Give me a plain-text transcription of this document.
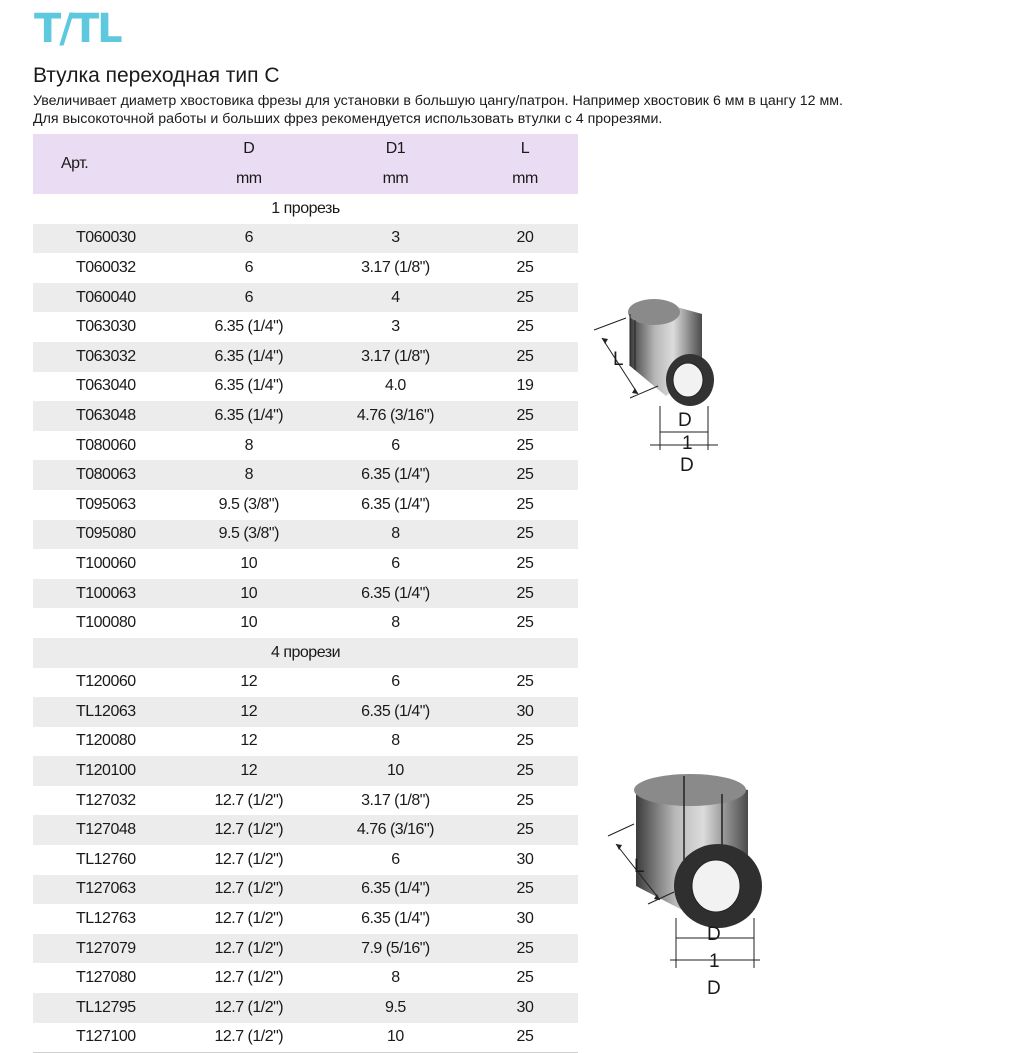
T/TL
Втулка переходная тип С
Увеличивает диаметр хвостовика фрезы для установки в большую цангу/патрон. Например хвостовик 6 мм в цангу 12 мм.
Для высокоточной работы и больших фрез рекомендуется использовать втулки с 4 прорезями.
Арт.	D	D1	L
	mm	mm	mm
1 прорезь			
T060030	6	3	20
T060032	6	3.17 (1/8")	25
T060040	6	4	25
T063030	6.35 (1/4")	3	25
T063032	6.35 (1/4")	3.17 (1/8")	25
T063040	6.35 (1/4")	4.0	19
T063048	6.35 (1/4")	4.76 (3/16")	25
T080060	8	6	25
T080063	8	6.35 (1/4")	25
T095063	9.5 (3/8")	6.35 (1/4")	25
T095080	9.5 (3/8")	8	25
T100060	10	6	25
T100063	10	6.35 (1/4")	25
T100080	10	8	25
4 прорези			
T120060	12	6	25
TL12063	12	6.35 (1/4")	30
T120080	12	8	25
T120100	12	10	25
T127032	12.7 (1/2")	3.17 (1/8")	25
T127048	12.7 (1/2")	4.76 (3/16")	25
TL12760	12.7 (1/2")	6	30
T127063	12.7 (1/2")	6.35 (1/4")	25
TL12763	12.7 (1/2")	6.35 (1/4")	30
T127079	12.7 (1/2")	7.9 (5/16")	25
T127080	12.7 (1/2")	8	25
TL12795	12.7 (1/2")	9.5	30
T127100	12.7 (1/2")	10	25
L
D
1
D
L
D
1
D
